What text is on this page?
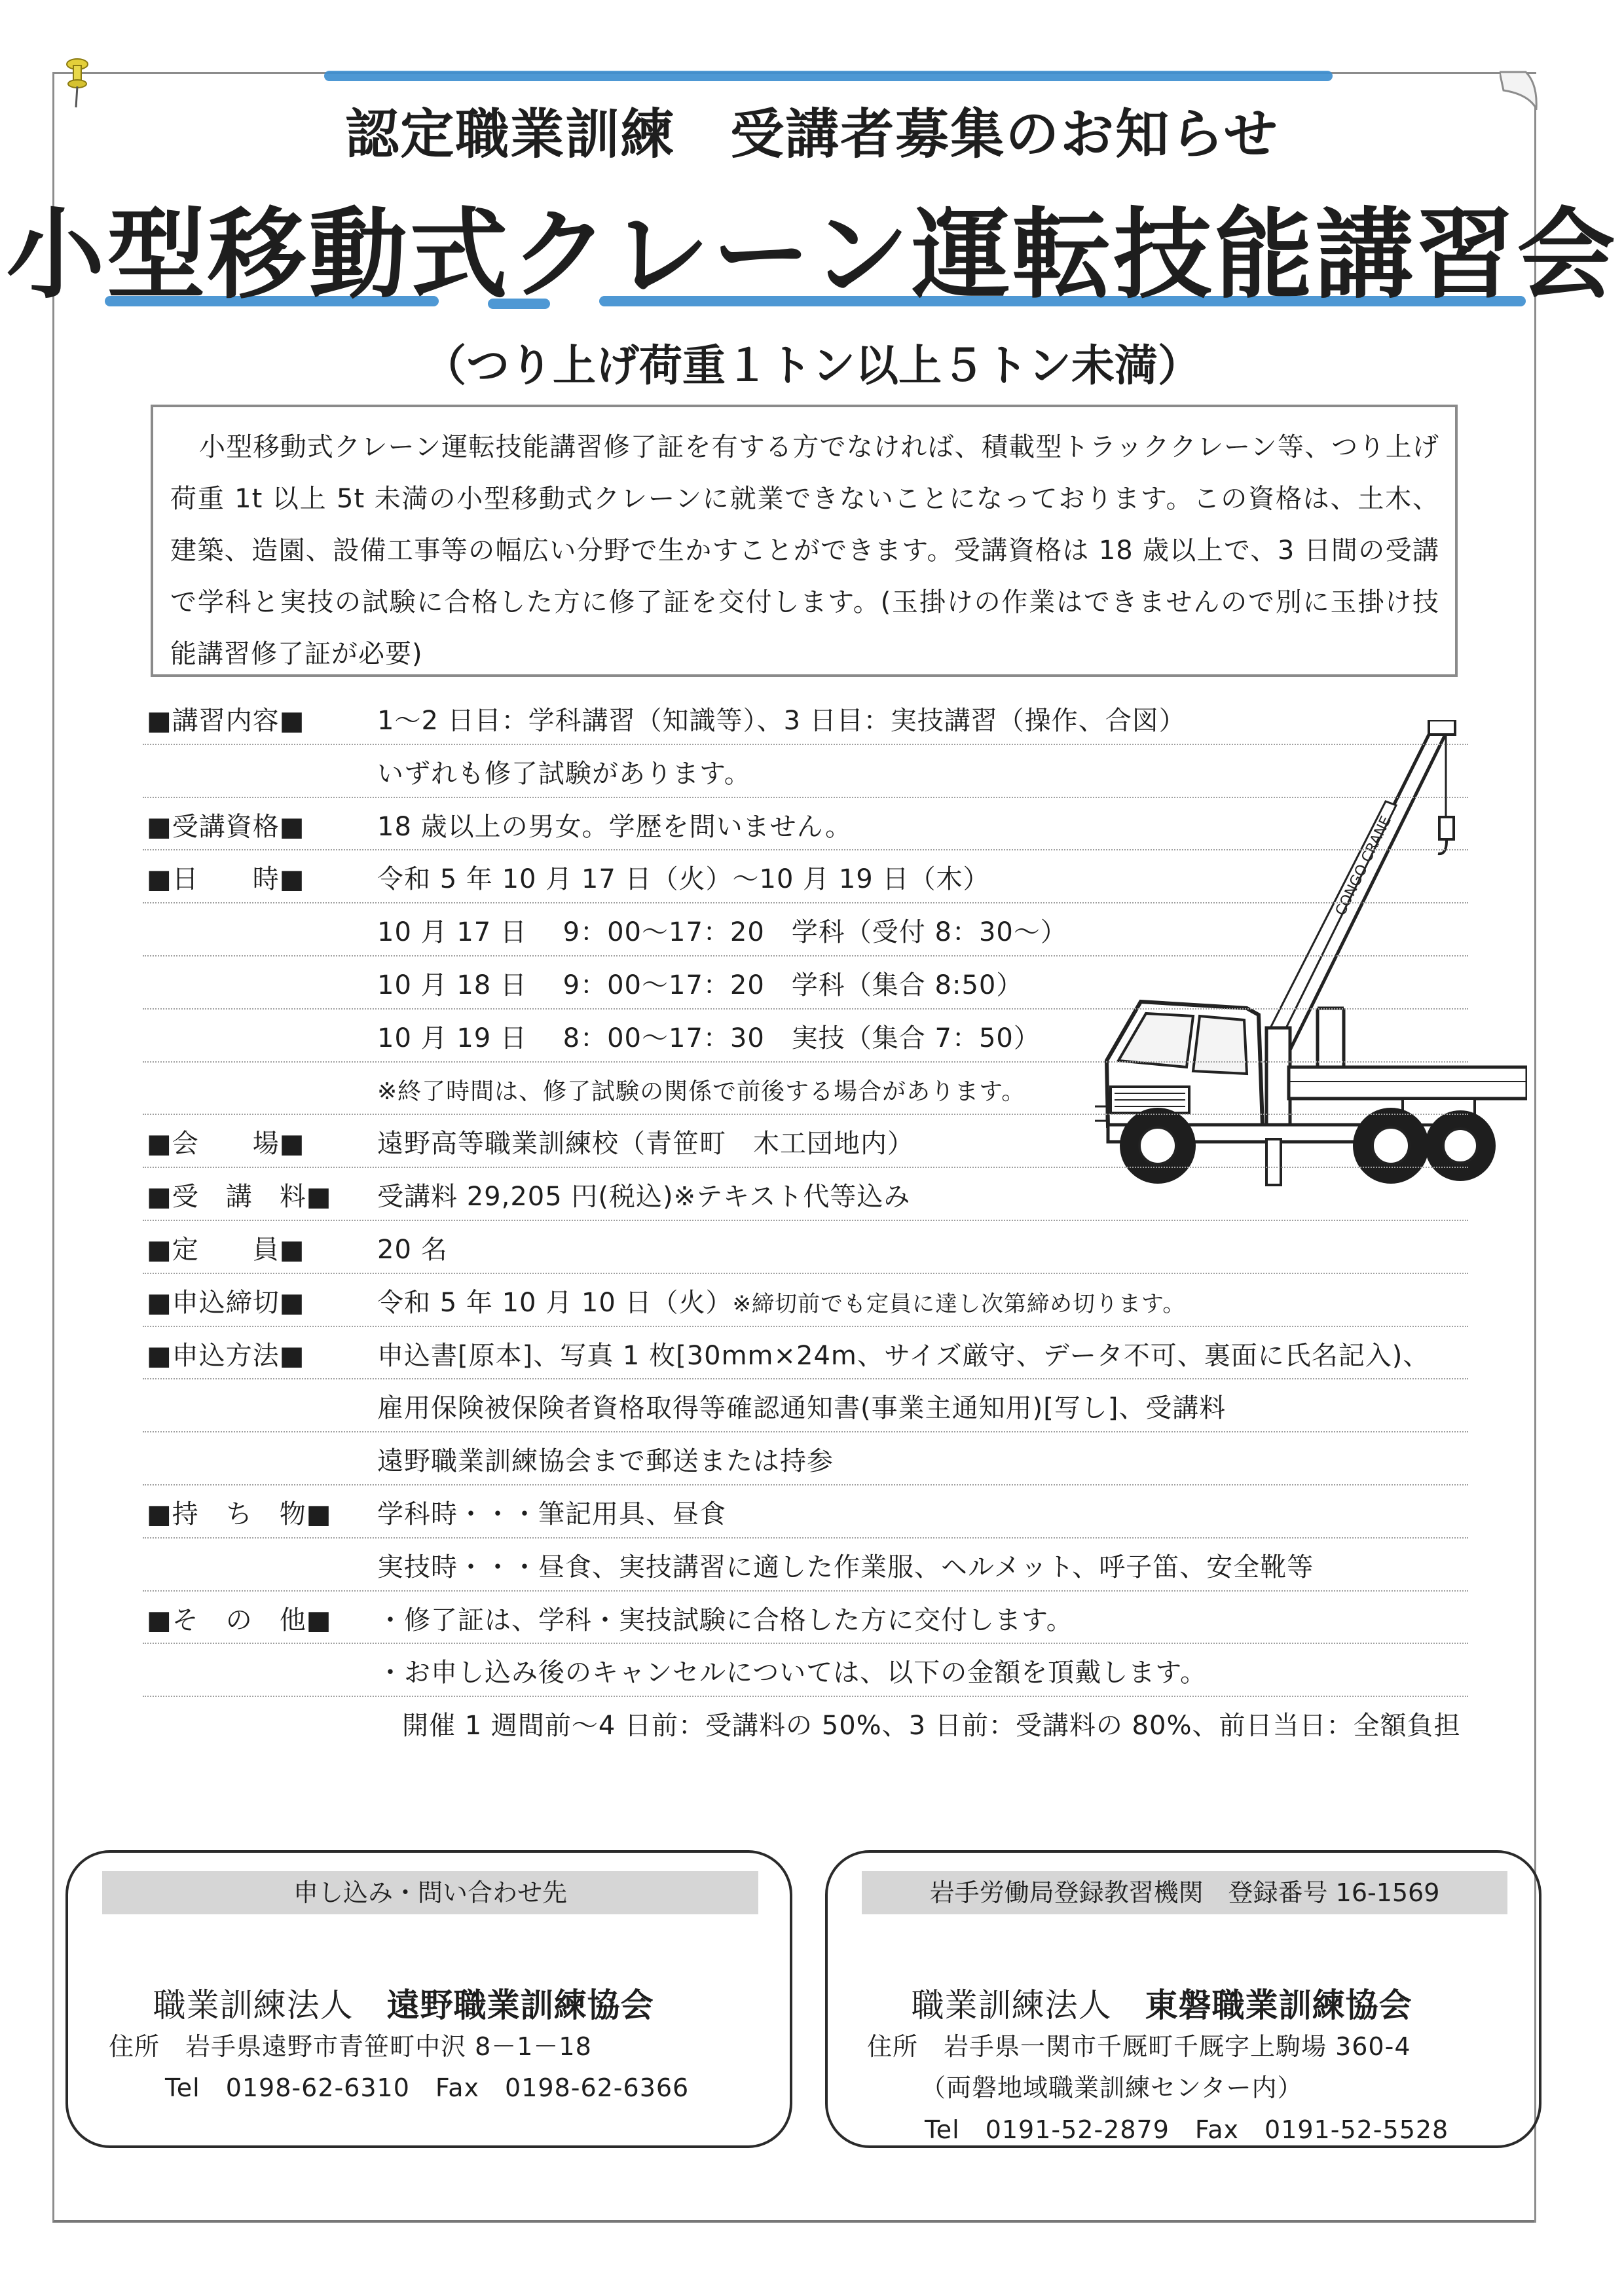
認定職業訓練　受講者募集のお知らせ
小型移動式クレーン運転技能講習会
（つり上げ荷重１トン以上５トン未満）

小型移動式クレーン運転技能講習修了証を有する方でなければ、積載型トラッククレーン等、つり上げ荷重 1t 以上 5t 未満の小型移動式クレーンに就業できないことになっております。この資格は、土木、建築、造園、設備工事等の幅広い分野で生かすことができます。受講資格は 18 歳以上で、3 日間の受講で学科と実技の試験に合格した方に修了証を交付します。(玉掛けの作業はできませんので別に玉掛け技能講習修了証が必要)

CONGO CRANE
■講習内容■	1～2 日目：学科講習（知識等）、3 日目：実技講習（操作、合図）
いずれも修了試験があります。
■受講資格■	18 歳以上の男女。学歴を問いません。
■日　　時■	令和 5 年 10 月 17 日（火）～10 月 19 日（木）
10 月 17 日　 9：00～17：20　学科（受付 8：30～）
10 月 18 日　 9：00～17：20　学科（集合 8:50）
10 月 19 日　 8：00～17：30　実技（集合 7：50）
※終了時間は、修了試験の関係で前後する場合があります。
■会　　場■	遠野高等職業訓練校（青笹町　木工団地内）
■受　講　料■ 受講料 29,205 円(税込)※テキスト代等込み
■定　　員■	20 名
■申込締切■	令和 5 年 10 月 10 日（火）※締切前でも定員に達し次第締め切ります。
■申込方法■	申込書[原本]、写真 1 枚[30mm×24m、サイズ厳守、データ不可、裏面に氏名記入)、
雇用保険被保険者資格取得等確認通知書(事業主通知用)[写し]、受講料
遠野職業訓練協会まで郵送または持参
■持　ち　物■ 学科時・・・筆記用具、昼食
実技時・・・昼食、実技講習に適した作業服、ヘルメット、呼子笛、安全靴等
■そ　の　他■ ・修了証は、学科・実技試験に合格した方に交付します。
・お申し込み後のキャンセルについては、以下の金額を頂戴します。
開催 1 週間前～4 日前：受講料の 50%、3 日前：受講料の 80%、前日当日：全額負担
申し込み・問い合わせ先

職業訓練法人　遠野職業訓練協会

住所　岩手県遠野市青笹町中沢 8－1－18
Tel　0198-62-6310　Fax　0198-62-6366
岩手労働局登録教習機関　登録番号 16-1569

職業訓練法人　東磐職業訓練協会

住所　岩手県一関市千厩町千厩字上駒場 360-4
（両磐地域職業訓練センター内）
Tel　0191-52-2879　Fax　0191-52-5528
